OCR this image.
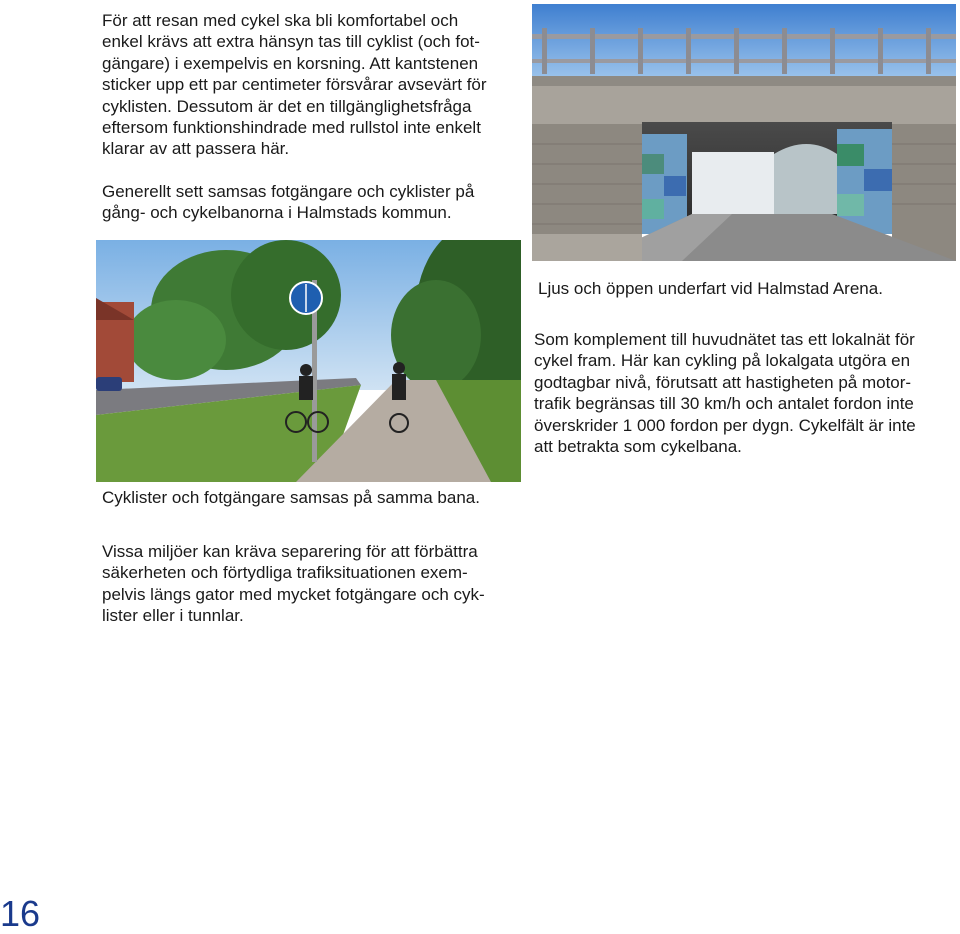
För att resan med cykel ska bli komfortabel och
enkel krävs att extra hänsyn tas till cyklist (och fot-
gängare) i exempelvis en korsning. Att kantstenen
sticker upp ett par centimeter försvårar avsevärt för
cyklisten. Dessutom är det en tillgänglighetsfråga
eftersom funktionshindrade med rullstol inte enkelt
klarar av att passera här.
Generellt sett samsas fotgängare och cyklister på
gång- och cykelbanorna i Halmstads kommun.

Ljus och öppen underfart vid Halmstad Arena.

Som komplement till huvudnätet tas ett lokalnät för
cykel fram. Här kan cykling på lokalgata utgöra en
godtagbar nivå, förutsatt att hastigheten på motor-
trafik begränsas till 30 km/h och antalet fordon inte
överskrider 1 000 fordon per dygn. Cykelfält är inte
att betrakta som cykelbana.

Cyklister och fotgängare samsas på samma bana.

Vissa miljöer kan kräva separering för att förbättra
säkerheten och förtydliga trafiksituationen exem-
pelvis längs gator med mycket fotgängare och cyk-
lister eller i tunnlar.
16
